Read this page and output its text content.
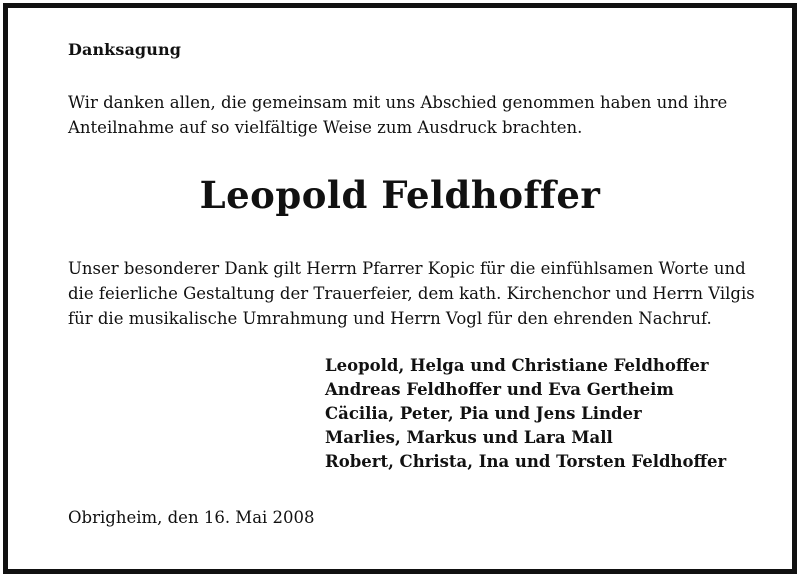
Danksagung
Wir danken allen, die gemeinsam mit uns Abschied genommen haben und ihre
Anteilnahme auf so vielfältige Weise zum Ausdruck brachten.
Leopold Feldhoffer
Unser besonderer Dank gilt Herrn Pfarrer Kopic für die einfühlsamen Worte und
die feierliche Gestaltung der Trauerfeier, dem kath. Kirchenchor und Herrn Vilgis
für die musikalische Umrahmung und Herrn Vogl für den ehrenden Nachruf.
Leopold, Helga und Christiane Feldhoffer
Andreas Feldhoffer und Eva Gertheim
Cäcilia, Peter, Pia und Jens Linder
Marlies, Markus und Lara Mall
Robert, Christa, Ina und Torsten Feldhoffer
Obrigheim, den 16. Mai 2008
